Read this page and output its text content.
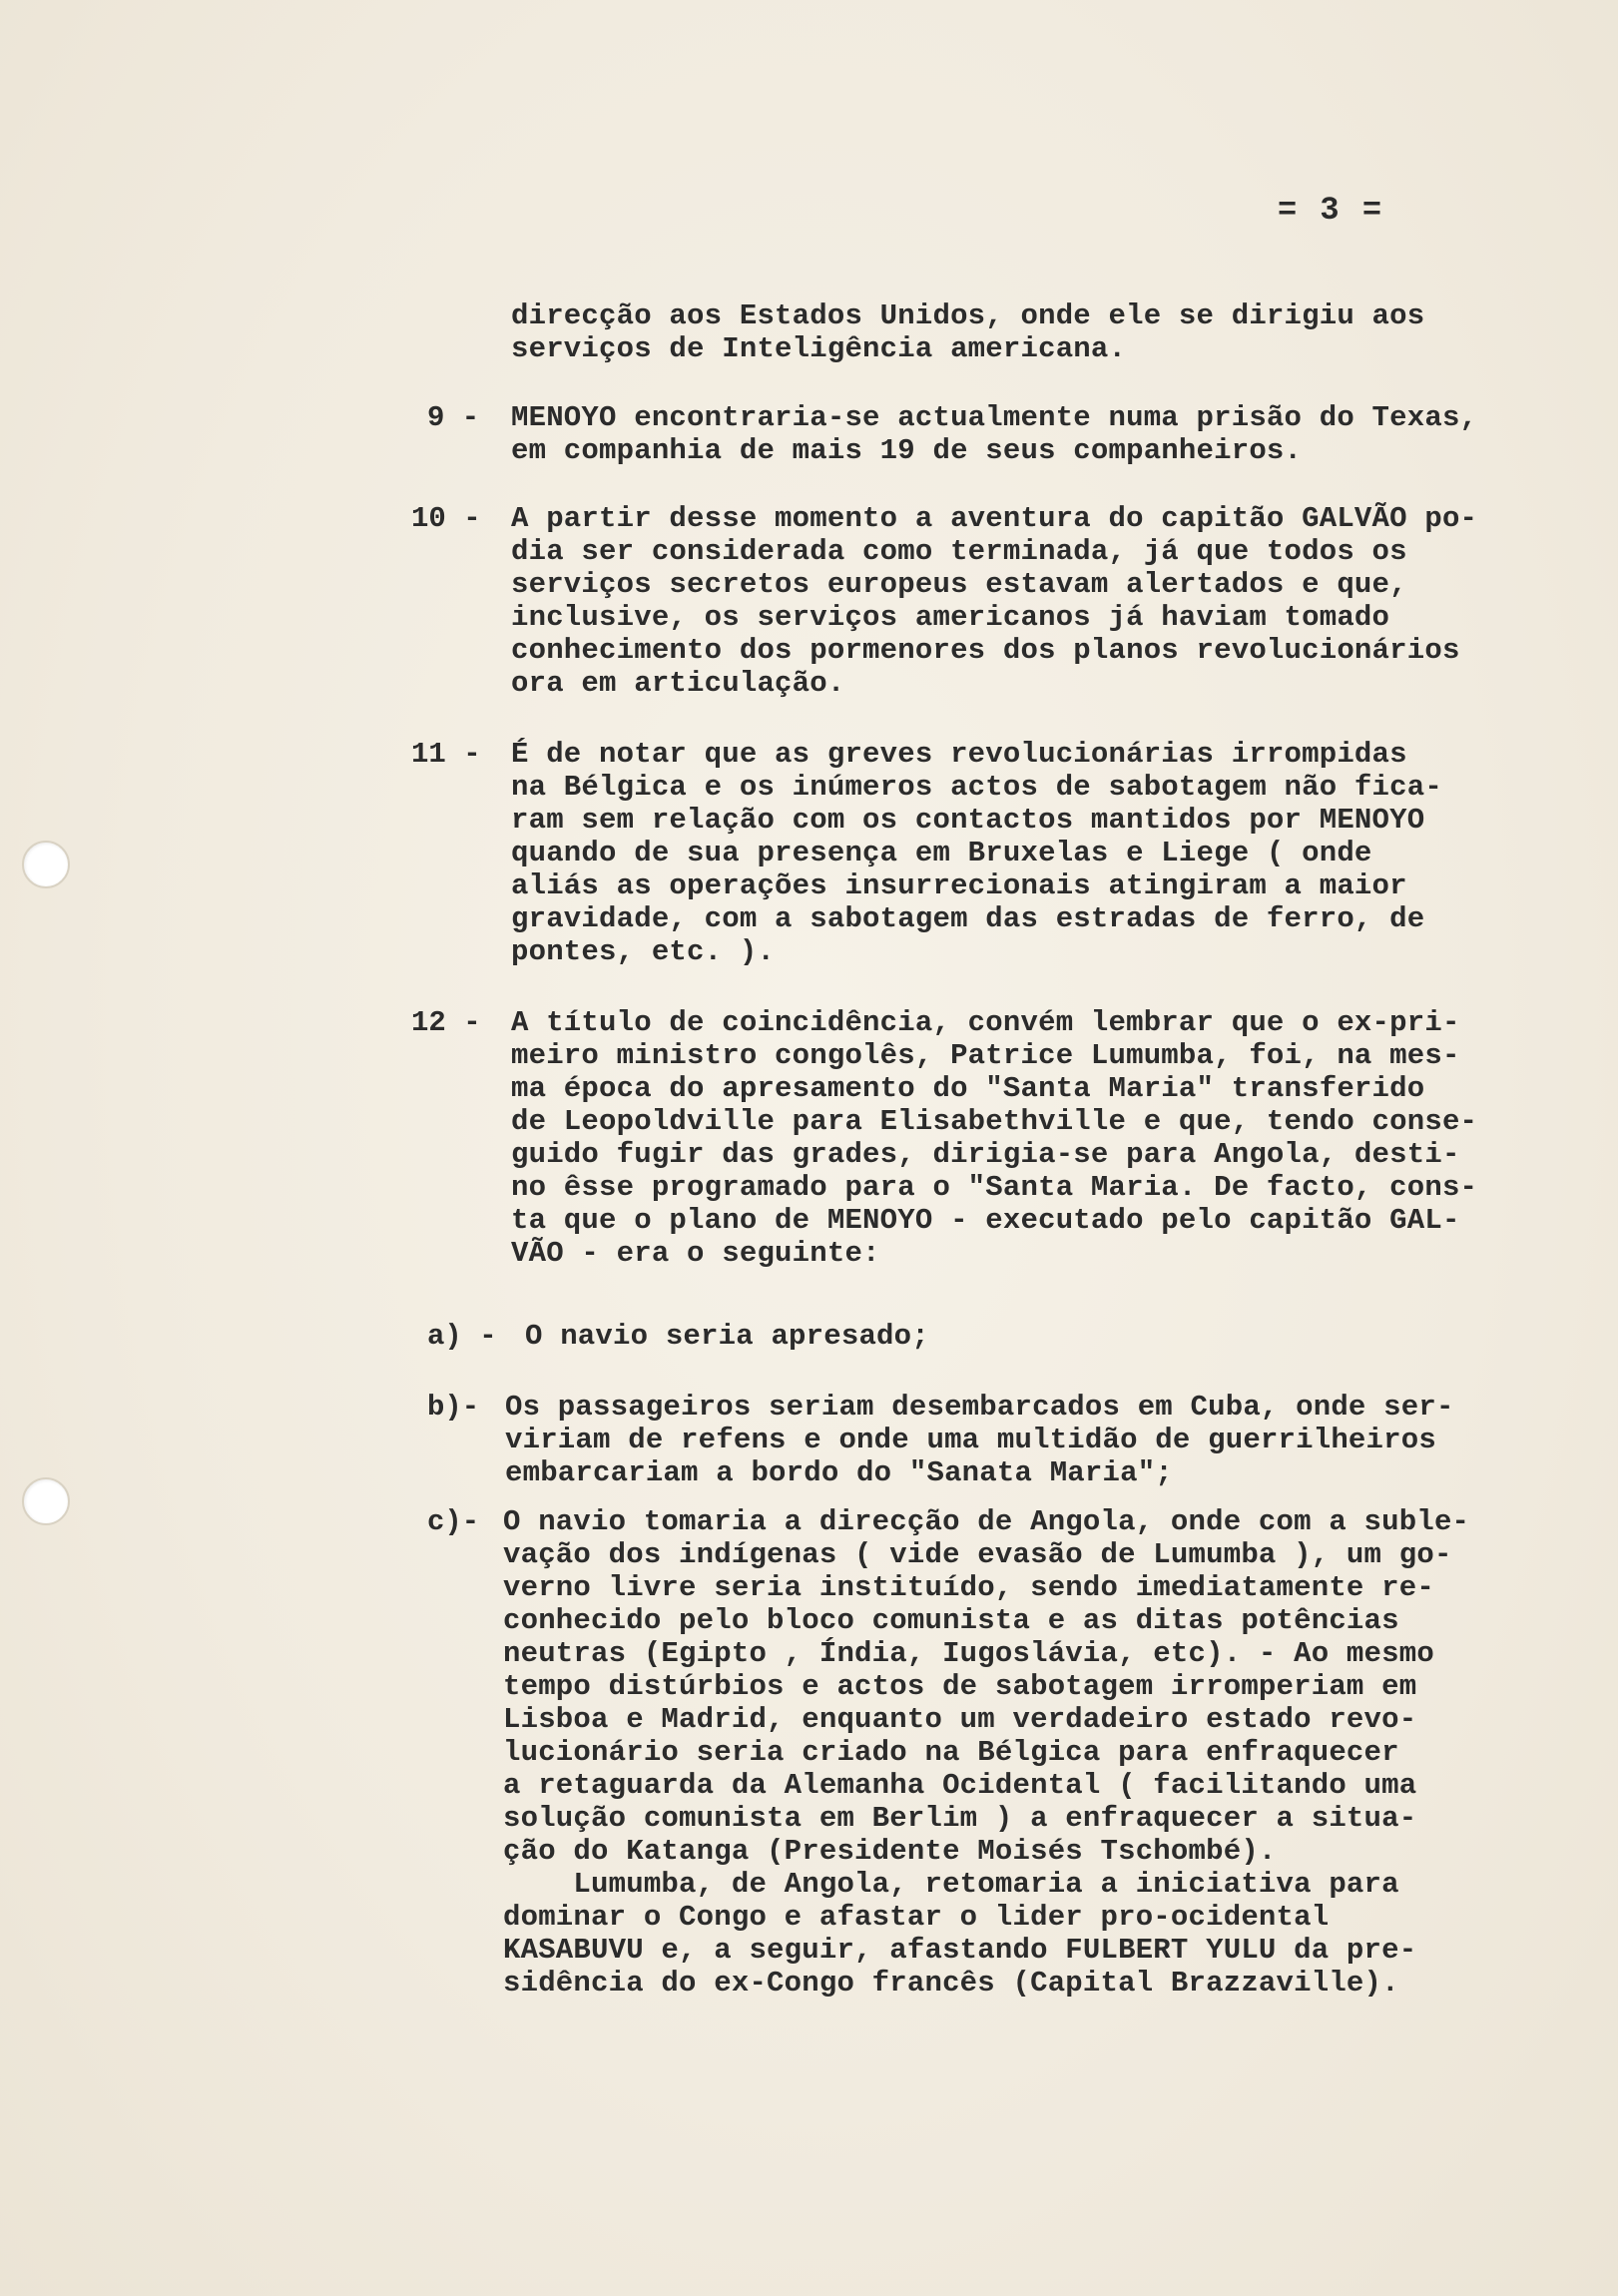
= 3 =
direcção aos Estados Unidos, onde ele se dirigiu aos
serviços de Inteligência americana.
9 - MENOYO encontraria-se actualmente numa prisão do Texas,
em companhia de mais 19 de seus companheiros.
10 - A partir desse momento a aventura do capitão GALVÃO po-
dia ser considerada como terminada, já que todos os
serviços secretos europeus estavam alertados e que,
inclusive, os serviços americanos já haviam tomado
conhecimento dos pormenores dos planos revolucionários
ora em articulação.
11 - É de notar que as greves revolucionárias irrompidas
na Bélgica e os inúmeros actos de sabotagem não fica-
ram sem relação com os contactos mantidos por MENOYO
quando de sua presença em Bruxelas e Liege ( onde
aliás as operações insurrecionais atingiram a maior
gravidade, com a sabotagem das estradas de ferro, de
pontes, etc. ).
12 - A título de coincidência, convém lembrar que o ex-pri-
meiro ministro congolês, Patrice Lumumba, foi, na mes-
ma época do apresamento do "Santa Maria" transferido
de Leopoldville para Elisabethville e que, tendo conse-
guido fugir das grades, dirigia-se para Angola, desti-
no êsse programado para o "Santa Maria. De facto, cons-
ta que o plano de MENOYO - executado pelo capitão GAL-
VÃO - era o seguinte:
a) - O navio seria apresado;
b)- Os passageiros seriam desembarcados em Cuba, onde ser-
viriam de refens e onde uma multidão de guerrilheiros
embarcariam a bordo do "Sanata Maria";
c)- O navio tomaria a direcção de Angola, onde com a suble-
vação dos indígenas ( vide evasão de Lumumba ), um go-
verno livre seria instituído, sendo imediatamente re-
conhecido pelo bloco comunista e as ditas potências
neutras (Egipto , Índia, Iugoslávia, etc). - Ao mesmo
tempo distúrbios e actos de sabotagem irromperiam em
Lisboa e Madrid, enquanto um verdadeiro estado revo-
lucionário seria criado na Bélgica para enfraquecer
a retaguarda da Alemanha Ocidental ( facilitando uma
solução comunista em Berlim ) a enfraquecer a situa-
ção do Katanga (Presidente Moisés Tschombé).
Lumumba, de Angola, retomaria a iniciativa para
dominar o Congo e afastar o lider pro-ocidental
KASABUVU e, a seguir, afastando FULBERT YULU da pre-
sidência do ex-Congo francês (Capital Brazzaville).
